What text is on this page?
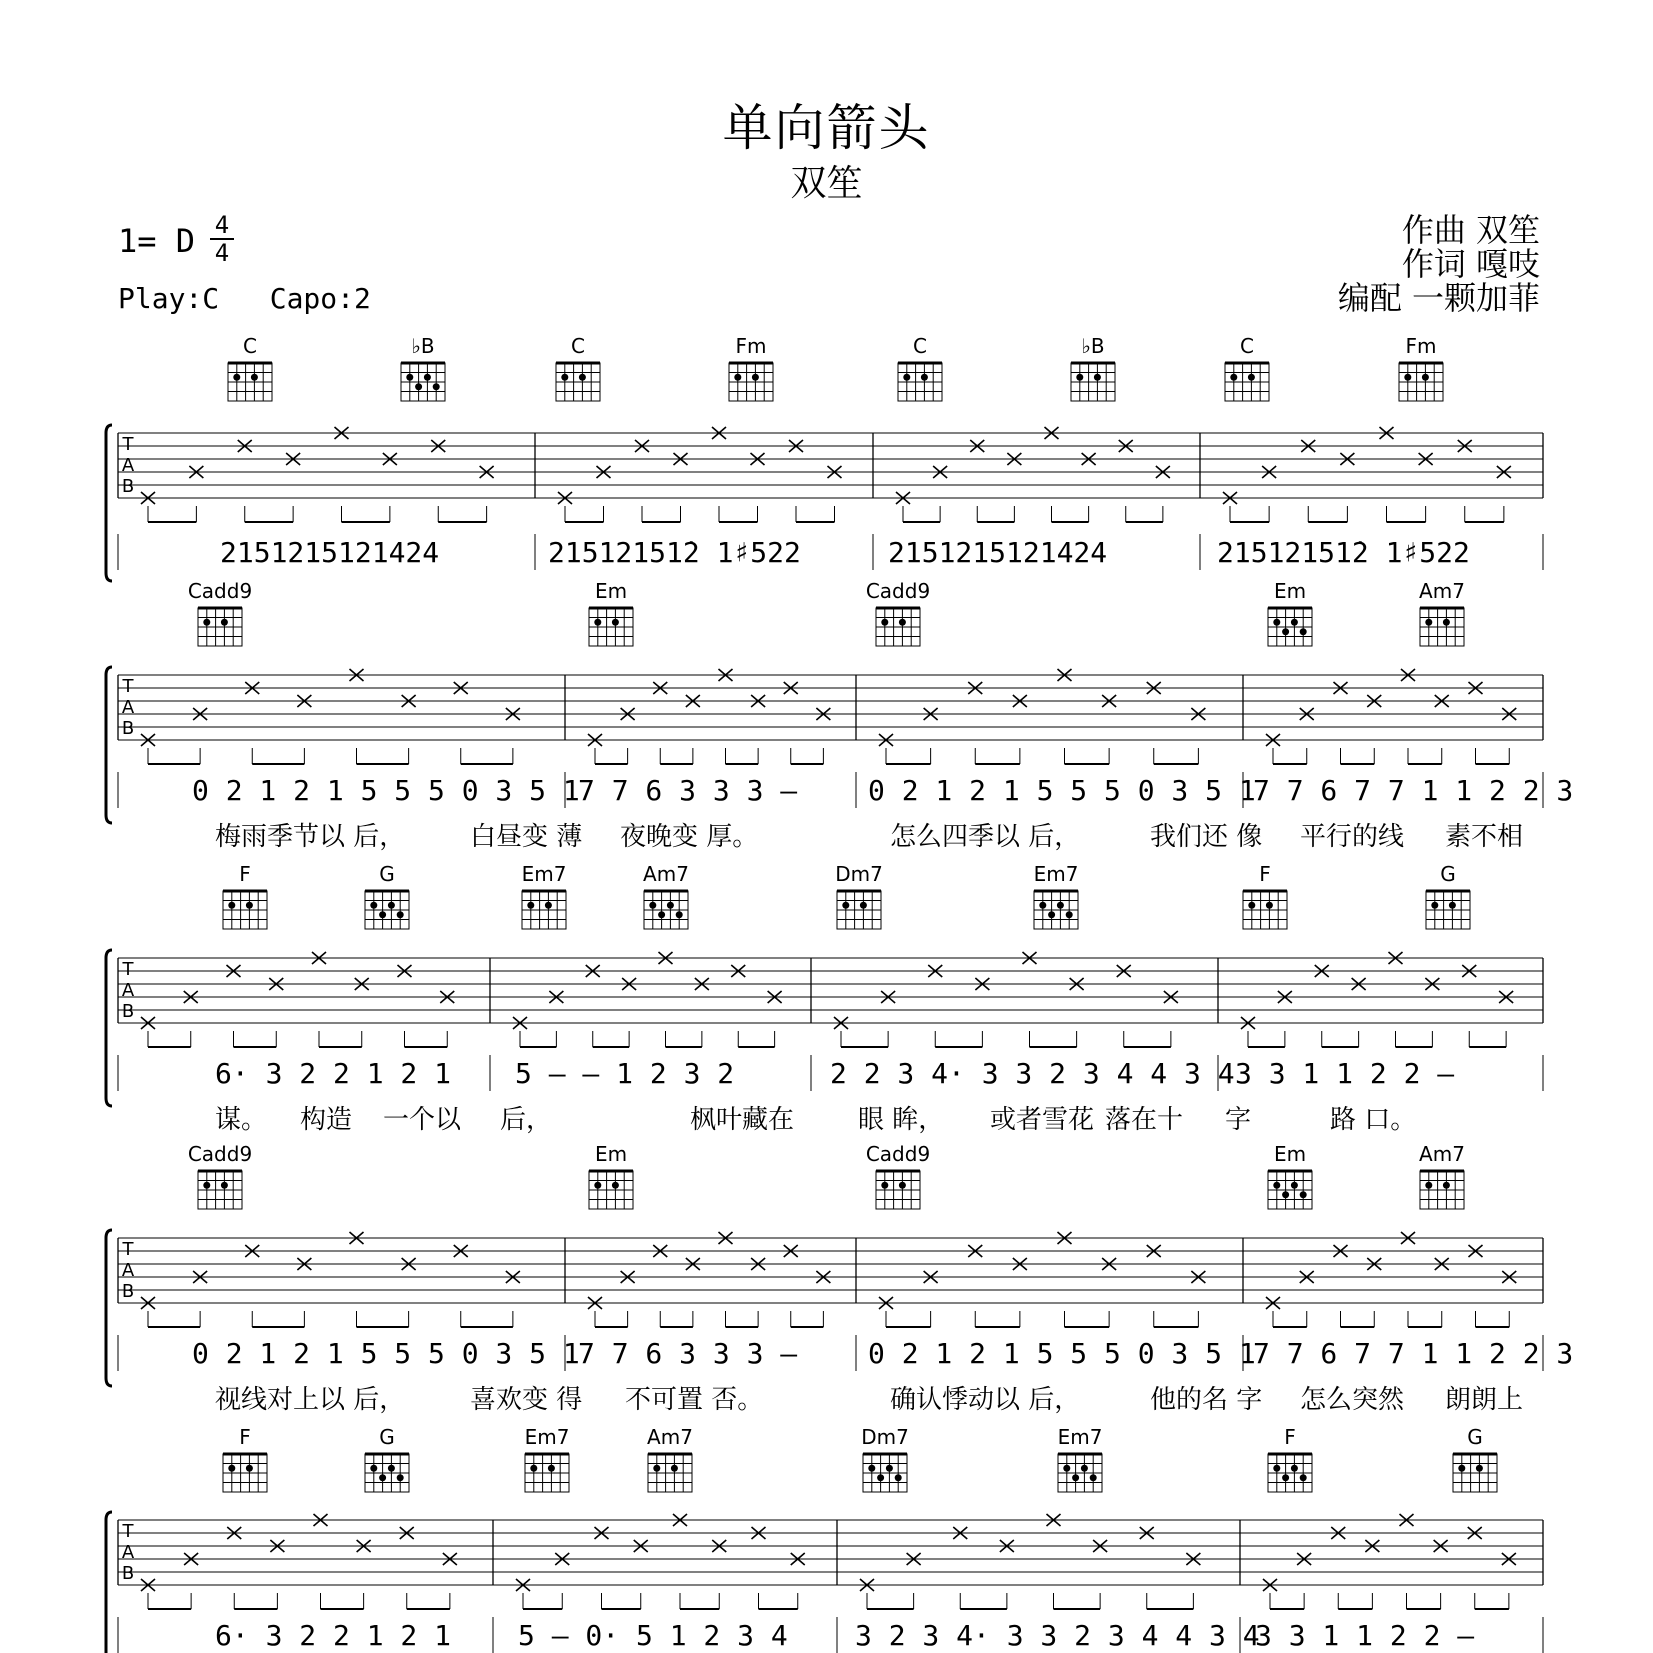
单向箭头
双笙
1= D 4
4
Play:C   Capo:2
作曲 双笙
作词 嘎吱
编配 一颗加菲
C	♭B	C	Fm	C	♭B	C	Fm
T
A
B
2151215121424	21512151̇2 1♯522	2151215121424	21512151̇2 1♯522
Cadd9	Em	Cadd9	Em	Am7
T
A
B
0 2 1 2 1 5 5 5 0 3 5 1
7 7 6 3 3 3 —	0 2 1 2 1 5 5 5 0 3 5 1
7 7 6 7 7 1 1 2 2 3
梅雨季节以 后， 白昼变 薄 夜晚变 厚。	怎么四季以 后，	我们还 像 平行的线 素不相
F	G	Em7	Am7	Dm7	Em7	F	G
T
A
B
6· 3 2 2 1 2 1 5 — — 1 2 3 2	2 2 3 4· 3 3 2 3 4 4 3 4 3 3 1 1 2 2 —
谋。 构造 一个以 后，	枫叶藏在 眼 眸， 或者雪花 落在十 字	路 口。
Cadd9	Em	Cadd9	Em	Am7
T
A
B
0 2 1 2 1 5 5 5 0 3 5 1
7 7 6 3 3 3 —	0 2 1 2 1 5 5 5 0 3 5 1
7 7 6 7 7 1 1 2 2 3
视线对上以 后， 喜欢变 得 不可置 否。	确认悸动以 后，	他的名 字 怎么突然 朗朗上
F	G	Em7	Am7	Dm7	Em7	F	G
T
A
B
6· 3 2 2 1 2 1 5 — 0· 5 1 2 3 4 3 2 3 4· 3 3 2 3 4 4 3 4
3 3 1 1 2 2 —
